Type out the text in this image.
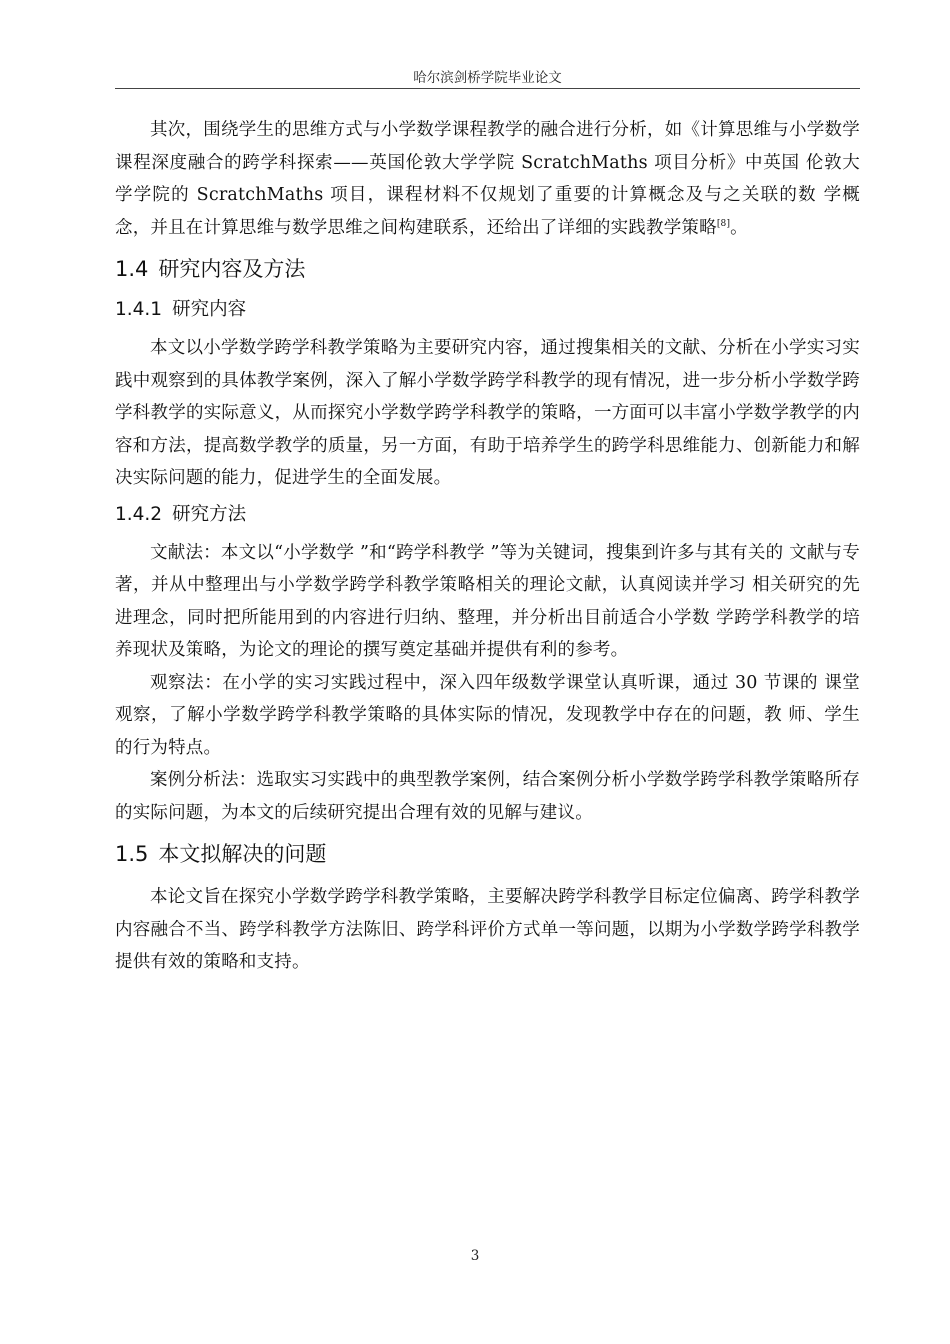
哈尔滨剑桥学院毕业论文

其次，围绕学生的思维方式与小学数学课程教学的融合进行分析，如《计算思维与小学数学课程深度融合的跨学科探索——英国伦敦大学学院 ScratchMaths 项目分析》中英国 伦敦大学学院的 ScratchMaths 项目，课程材料不仅规划了重要的计算概念及与之关联的数 学概念，并且在计算思维与数学思维之间构建联系，还给出了详细的实践教学策略[8]。

1.4 研究内容及方法
1.4.1 研究内容

本文以小学数学跨学科教学策略为主要研究内容，通过搜集相关的文献、分析在小学实习实践中观察到的具体教学案例，深入了解小学数学跨学科教学的现有情况，进一步分析小学数学跨学科教学的实际意义，从而探究小学数学跨学科教学的策略，一方面可以丰富小学数学教学的内容和方法，提高数学教学的质量，另一方面，有助于培养学生的跨学科思维能力、创新能力和解决实际问题的能力，促进学生的全面发展。

1.4.2 研究方法

文献法：本文以“小学数学 ”和“跨学科教学 ”等为关键词，搜集到许多与其有关的 文献与专著，并从中整理出与小学数学跨学科教学策略相关的理论文献，认真阅读并学习 相关研究的先进理念，同时把所能用到的内容进行归纳、整理，并分析出目前适合小学数 学跨学科教学的培养现状及策略，为论文的理论的撰写奠定基础并提供有利的参考。

观察法：在小学的实习实践过程中，深入四年级数学课堂认真听课，通过 30 节课的 课堂观察，了解小学数学跨学科教学策略的具体实际的情况，发现教学中存在的问题，教 师、学生的行为特点。

案例分析法：选取实习实践中的典型教学案例，结合案例分析小学数学跨学科教学策略所存的实际问题，为本文的后续研究提出合理有效的见解与建议。

1.5 本文拟解决的问题

本论文旨在探究小学数学跨学科教学策略，主要解决跨学科教学目标定位偏离、跨学科教学内容融合不当、跨学科教学方法陈旧、跨学科评价方式单一等问题，以期为小学数学跨学科教学提供有效的策略和支持。

3
